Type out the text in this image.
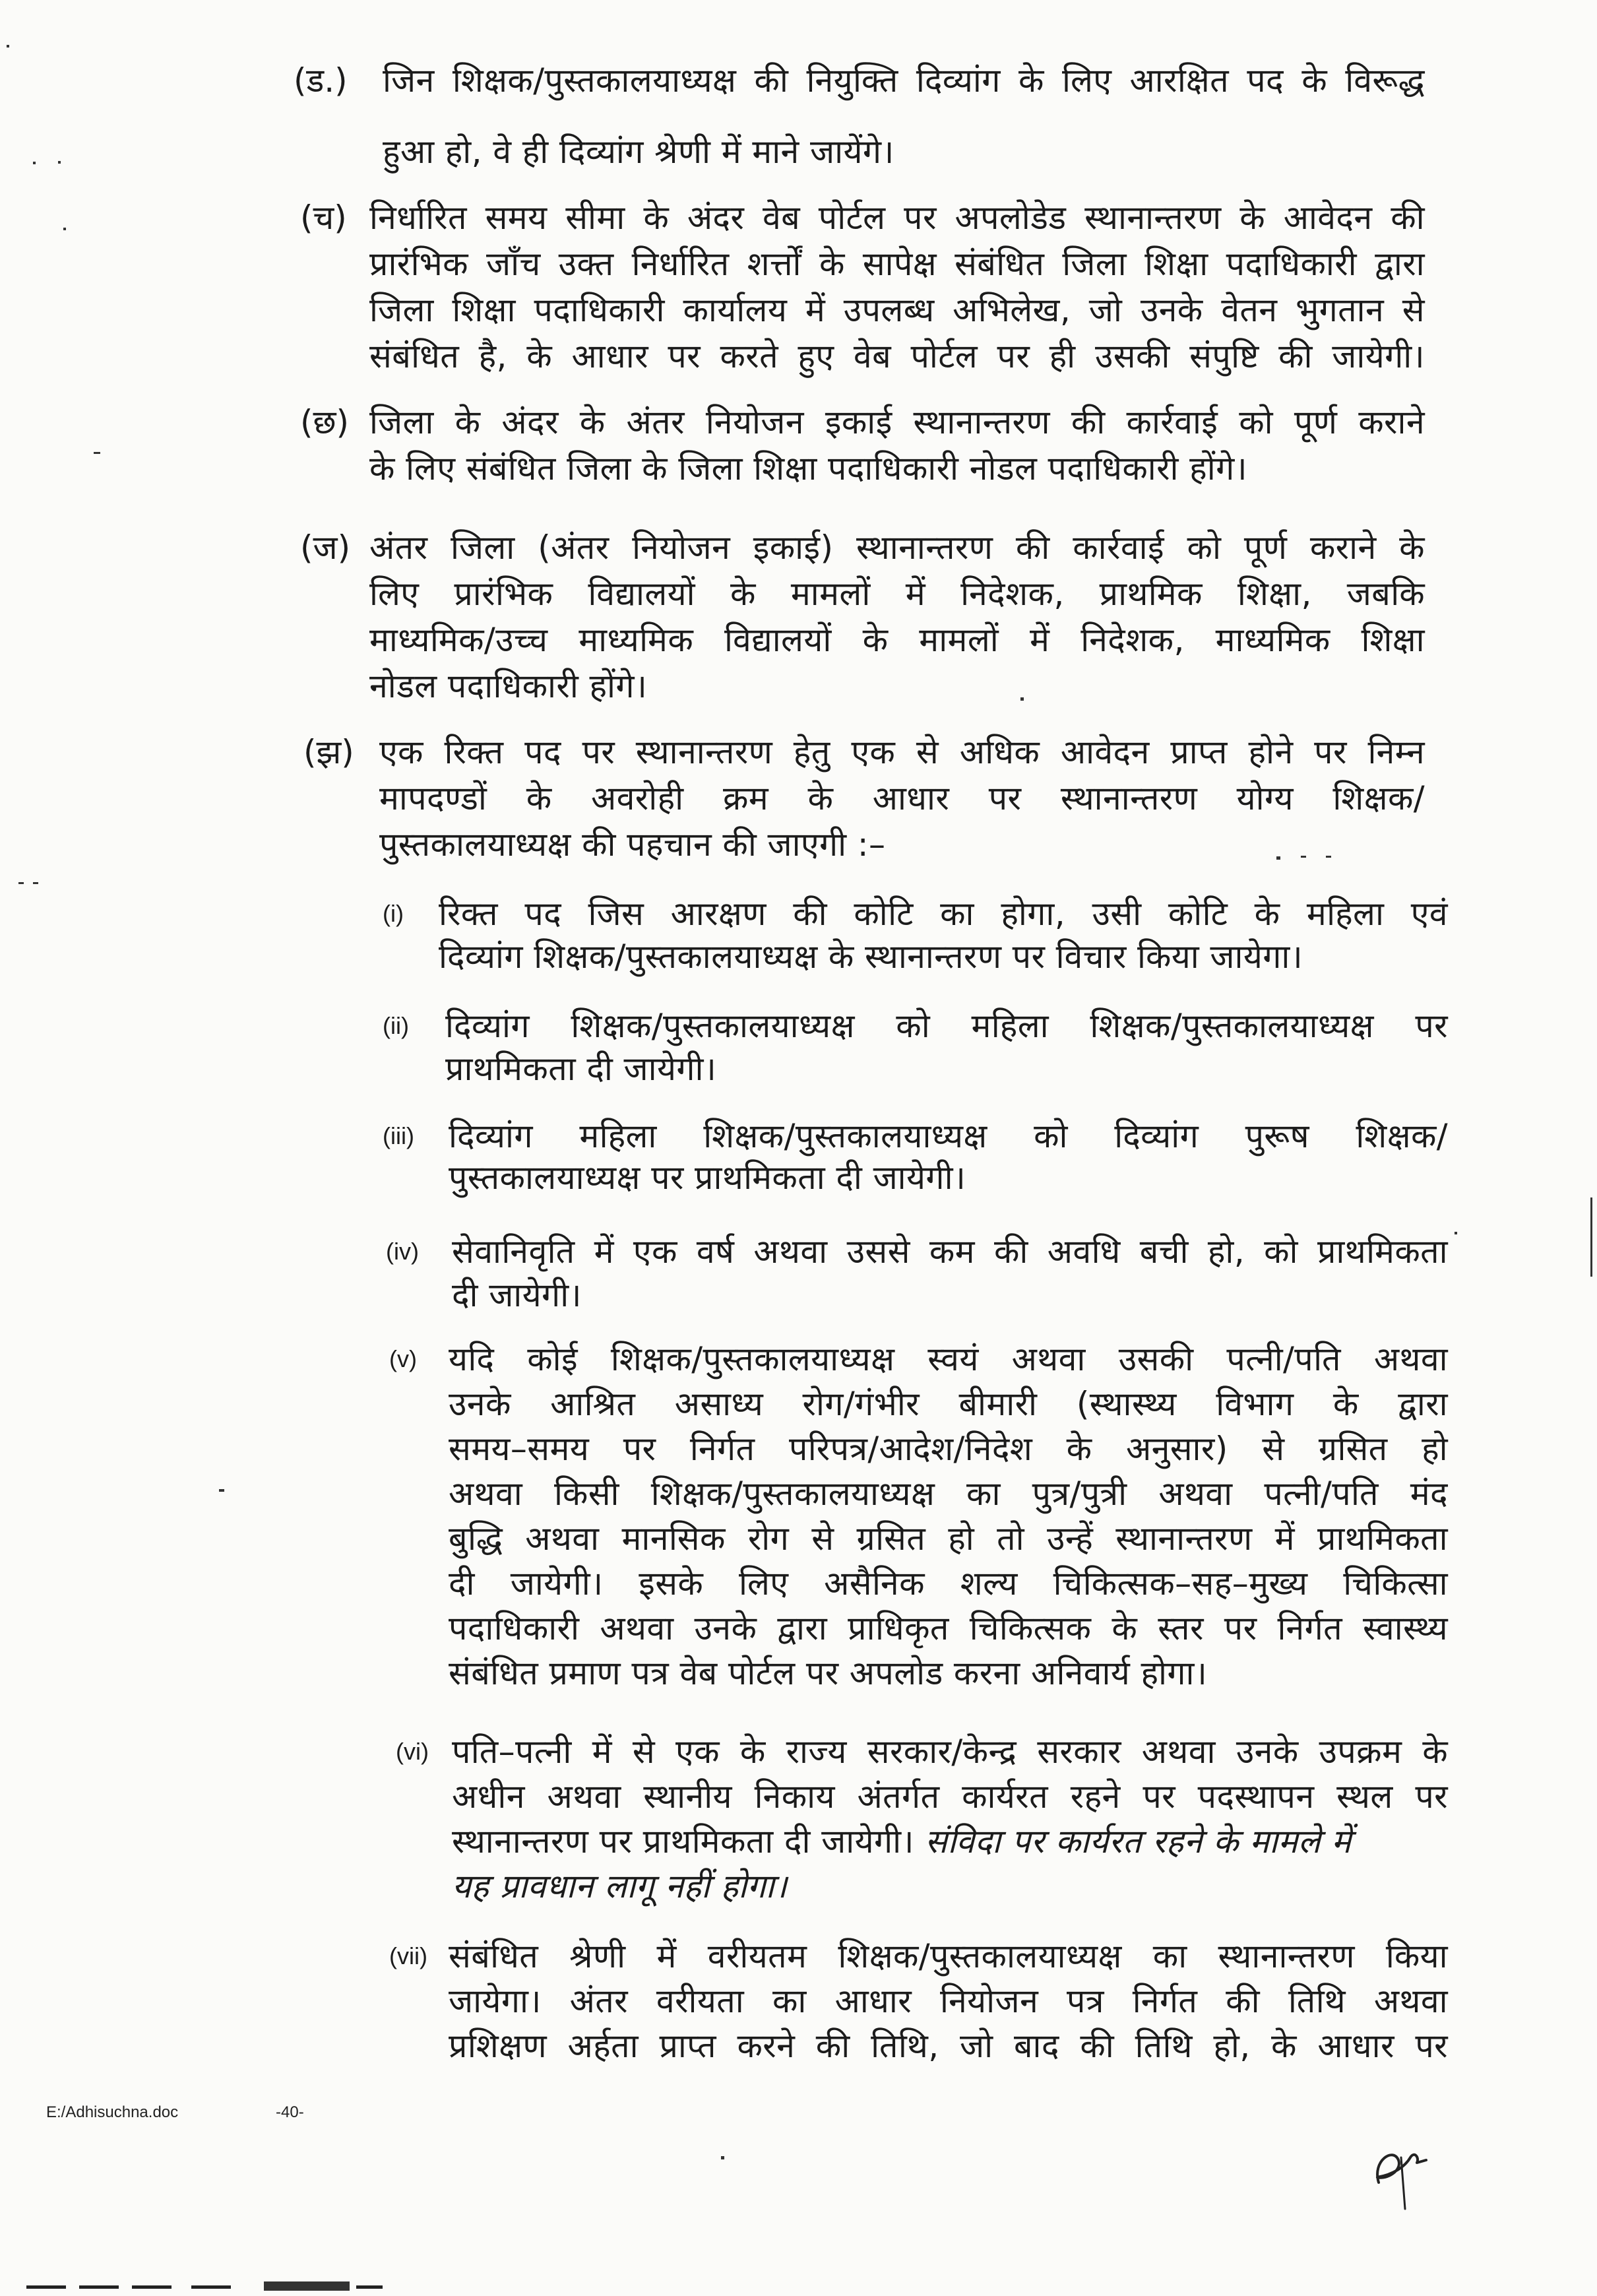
(ड.) जिन शिक्षक/पुस्तकालयाध्यक्ष की नियुक्ति दिव्यांग के लिए आरक्षित पद के विरूद्ध
हुआ हो, वे ही दिव्यांग श्रेणी में माने जायेंगे।
(च) निर्धारित समय सीमा के अंदर वेब पोर्टल पर अपलोडेड स्थानान्तरण के आवेदन की
प्रारंभिक जाँच उक्त निर्धारित शर्त्तों के सापेक्ष संबंधित जिला शिक्षा पदाधिकारी द्वारा
जिला शिक्षा पदाधिकारी कार्यालय में उपलब्ध अभिलेख, जो उनके वेतन भुगतान से
संबंधित है, के आधार पर करते हुए वेब पोर्टल पर ही उसकी संपुष्टि की जायेगी।
(छ) जिला के अंदर के अंतर नियोजन इकाई स्थानान्तरण की कार्रवाई को पूर्ण कराने
के लिए संबंधित जिला के जिला शिक्षा पदाधिकारी नोडल पदाधिकारी होंगे।
(ज) अंतर जिला (अंतर नियोजन इकाई) स्थानान्तरण की कार्रवाई को पूर्ण कराने के
लिए प्रारंभिक विद्यालयों के मामलों में निदेशक, प्राथमिक शिक्षा, जबकि
माध्यमिक/उच्च माध्यमिक विद्यालयों के मामलों में निदेशक, माध्यमिक शिक्षा
नोडल पदाधिकारी होंगे।
(झ) एक रिक्त पद पर स्थानान्तरण हेतु एक से अधिक आवेदन प्राप्त होने पर निम्न
मापदण्डों के अवरोही क्रम के आधार पर स्थानान्तरण योग्य शिक्षक/
पुस्तकालयाध्यक्ष की पहचान की जाएगी :–
(i) रिक्त पद जिस आरक्षण की कोटि का होगा, उसी कोटि के महिला एवं
दिव्यांग शिक्षक/पुस्तकालयाध्यक्ष के स्थानान्तरण पर विचार किया जायेगा।
(ii) दिव्यांग शिक्षक/पुस्तकालयाध्यक्ष को महिला शिक्षक/पुस्तकालयाध्यक्ष पर
प्राथमिकता दी जायेगी।
(iii) दिव्यांग महिला शिक्षक/पुस्तकालयाध्यक्ष को दिव्यांग पुरूष शिक्षक/
पुस्तकालयाध्यक्ष पर प्राथमिकता दी जायेगी।
(iv) सेवानिवृति में एक वर्ष अथवा उससे कम की अवधि बची हो, को प्राथमिकता
दी जायेगी।
(v) यदि कोई शिक्षक/पुस्तकालयाध्यक्ष स्वयं अथवा उसकी पत्नी/पति अथवा
उनके आश्रित असाध्य रोग/गंभीर बीमारी (स्थास्थ्य विभाग के द्वारा
समय–समय पर निर्गत परिपत्र/आदेश/निदेश के अनुसार) से ग्रसित हो
अथवा किसी शिक्षक/पुस्तकालयाध्यक्ष का पुत्र/पुत्री अथवा पत्नी/पति मंद
बुद्धि अथवा मानसिक रोग से ग्रसित हो तो उन्हें स्थानान्तरण में प्राथमिकता
दी जायेगी। इसके लिए असैनिक शल्य चिकित्सक–सह–मुख्य चिकित्सा
पदाधिकारी अथवा उनके द्वारा प्राधिकृत चिकित्सक के स्तर पर निर्गत स्वास्थ्य
संबंधित प्रमाण पत्र वेब पोर्टल पर अपलोड करना अनिवार्य होगा।
(vi) पति–पत्नी में से एक के राज्य सरकार/केन्द्र सरकार अथवा उनके उपक्रम के
अधीन अथवा स्थानीय निकाय अंतर्गत कार्यरत रहने पर पदस्थापन स्थल पर
स्थानान्तरण पर प्राथमिकता दी जायेगी। संविदा पर कार्यरत रहने के मामले में
यह प्रावधान लागू नहीं होगा।
(vii) संबंधित श्रेणी में वरीयतम शिक्षक/पुस्तकालयाध्यक्ष का स्थानान्तरण किया
जायेगा। अंतर वरीयता का आधार नियोजन पत्र निर्गत की तिथि अथवा
प्रशिक्षण अर्हता प्राप्त करने की तिथि, जो बाद की तिथि हो, के आधार पर
E:/Adhisuchna.doc	-40-
